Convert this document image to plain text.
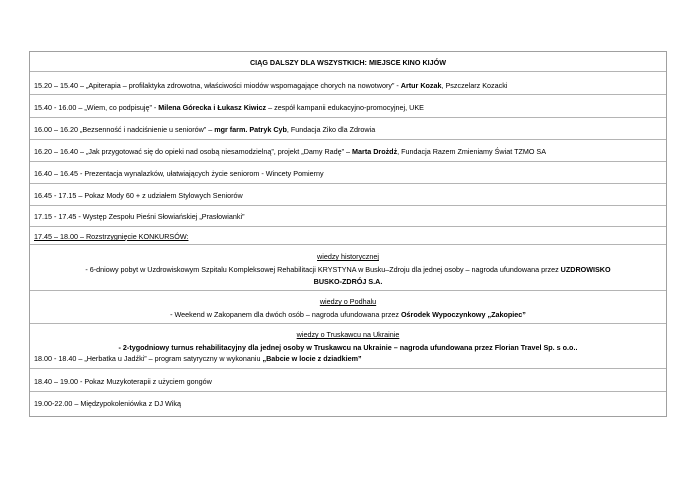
CIĄG DALSZY DLA WSZYSTKICH: MIEJSCE KINO KIJÓW
15.20 – 15.40 – „Apiterapia – profilaktyka zdrowotna, właściwości miodów wspomagające chorych na nowotwory” - Artur Kozak, Pszczelarz Kozacki
15.40 - 16.00 – „Wiem, co podpisuję” - Milena Górecka i Łukasz Kiwicz – zespół kampanii edukacyjno-promocyjnej, UKE
16.00 – 16.20 „Bezsenność i nadciśnienie u seniorów” – mgr farm. Patryk Cyb, Fundacja Ziko dla Zdrowia
16.20 – 16.40 – „Jak przygotować się do opieki nad osobą niesamodzielną”, projekt „Damy Radę” – Marta Drożdż, Fundacja Razem Zmieniamy Świat TZMO SA
16.40 – 16.45 - Prezentacja wynalazków, ułatwiających życie seniorom - Wincety Pomierny
16.45 - 17.15 – Pokaz Mody 60 + z udziałem Stylowych Seniorów
17.15 - 17.45 - Występ Zespołu Pieśni Słowiańskiej „Prasłowianki”
17.45 – 18.00 – Rozstrzygnięcie KONKURSÓW:
wiedzy historycznej
- 6-dniowy pobyt w Uzdrowiskowym Szpitalu Kompleksowej Rehabilitacji KRYSTYNA w Busku–Zdroju dla jednej osoby – nagroda ufundowana przez UZDROWISKO
BUSKO-ZDRÓJ S.A.
wiedzy o Podhalu
- Weekend w Zakopanem dla dwóch osób – nagroda ufundowana przez Ośrodek Wypoczynkowy „Zakopiec”
wiedzy o Truskawcu na Ukrainie
- 2-tygodniowy turnus rehabilitacyjny dla jednej osoby w Truskawcu na Ukrainie – nagroda ufundowana przez Florian Travel Sp. s o.o..
18.00 - 18.40 – „Herbatka u Jadźki” – program satyryczny w wykonaniu „Babcie w locie z dziadkiem”
18.40 – 19.00 - Pokaz Muzykoterapii z użyciem gongów
19.00-22.00 – Międzypokoleniówka z DJ Wiką
